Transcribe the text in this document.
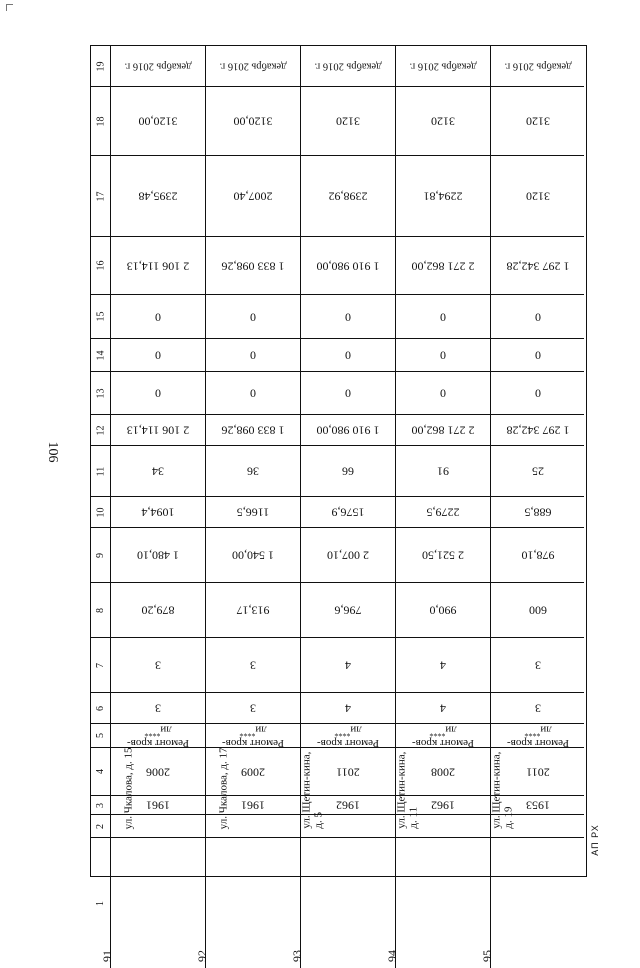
106
19
18
17
16
15
14
13
12
11
10
9
8
7
6
5
4
3
2
1
декабрь 2016 г.
3120,00
2395,48
2 106 114,13
0
0
0
2 106 114,13
34
1094,4
1 480,10
879,20
3
3
Ремонт кров-ли****
2006
1961
ул. Чкалова, д. 15
91
декабрь 2016 г.
3120,00
2007,40
1 833 098,26
0
0
0
1 833 098,26
36
1166,5
1 540,00
913,17
3
3
Ремонт кров-ли****
2009
1961
ул. Чкалова, д. 17
92
декабрь 2016 г.
3120
2398,92
1 910 980,00
0
0
0
1 910 980,00
66
1576,9
2 007,10
796,6
4
4
Ремонт кров-ли****
2011
1962
ул. Щетин-кина, д. 5
93
декабрь 2016 г.
3120
2294,81
2 271 862,00
0
0
0
2 271 862,00
91
2279,5
2 521,50
990,0
4
4
Ремонт кров-ли****
2008
1962
ул. Щетин-кина, д. 11
94
декабрь 2016 г.
3120
3120
1 297 342,28
0
0
0
1 297 342,28
25
688,5
978,10
600
3
3
Ремонт кров-ли****
2011
1953
ул. Щетин-кина, д. 19
95
АП РХ
